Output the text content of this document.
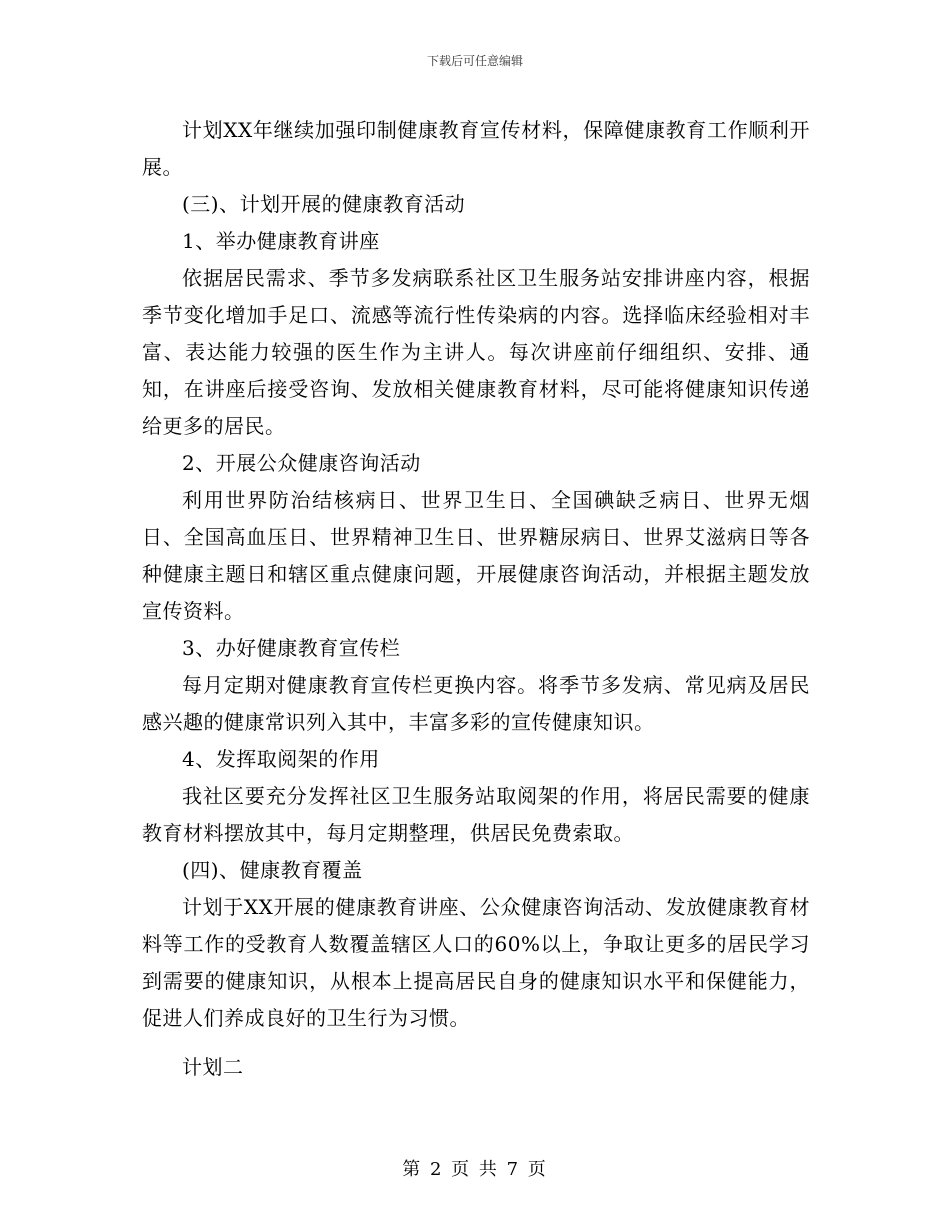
下载后可任意编辑

计划XX年继续加强印制健康教育宣传材料，保障健康教育工作顺利开展。

(三)、计划开展的健康教育活动

1、举办健康教育讲座

依据居民需求、季节多发病联系社区卫生服务站安排讲座内容，根据季节变化增加手足口、流感等流行性传染病的内容。选择临床经验相对丰富、表达能力较强的医生作为主讲人。每次讲座前仔细组织、安排、通知，在讲座后接受咨询、发放相关健康教育材料，尽可能将健康知识传递给更多的居民。

2、开展公众健康咨询活动

利用世界防治结核病日、世界卫生日、全国碘缺乏病日、世界无烟日、全国高血压日、世界精神卫生日、世界糖尿病日、世界艾滋病日等各种健康主题日和辖区重点健康问题，开展健康咨询活动，并根据主题发放宣传资料。

3、办好健康教育宣传栏

每月定期对健康教育宣传栏更换内容。将季节多发病、常见病及居民感兴趣的健康常识列入其中，丰富多彩的宣传健康知识。

4、发挥取阅架的作用

我社区要充分发挥社区卫生服务站取阅架的作用，将居民需要的健康教育材料摆放其中，每月定期整理，供居民免费索取。

(四)、健康教育覆盖

计划于XX开展的健康教育讲座、公众健康咨询活动、发放健康教育材料等工作的受教育人数覆盖辖区人口的60%以上，争取让更多的居民学习到需要的健康知识，从根本上提高居民自身的健康知识水平和保健能力，促进人们养成良好的卫生行为习惯。

计划二

第 2 页 共 7 页
